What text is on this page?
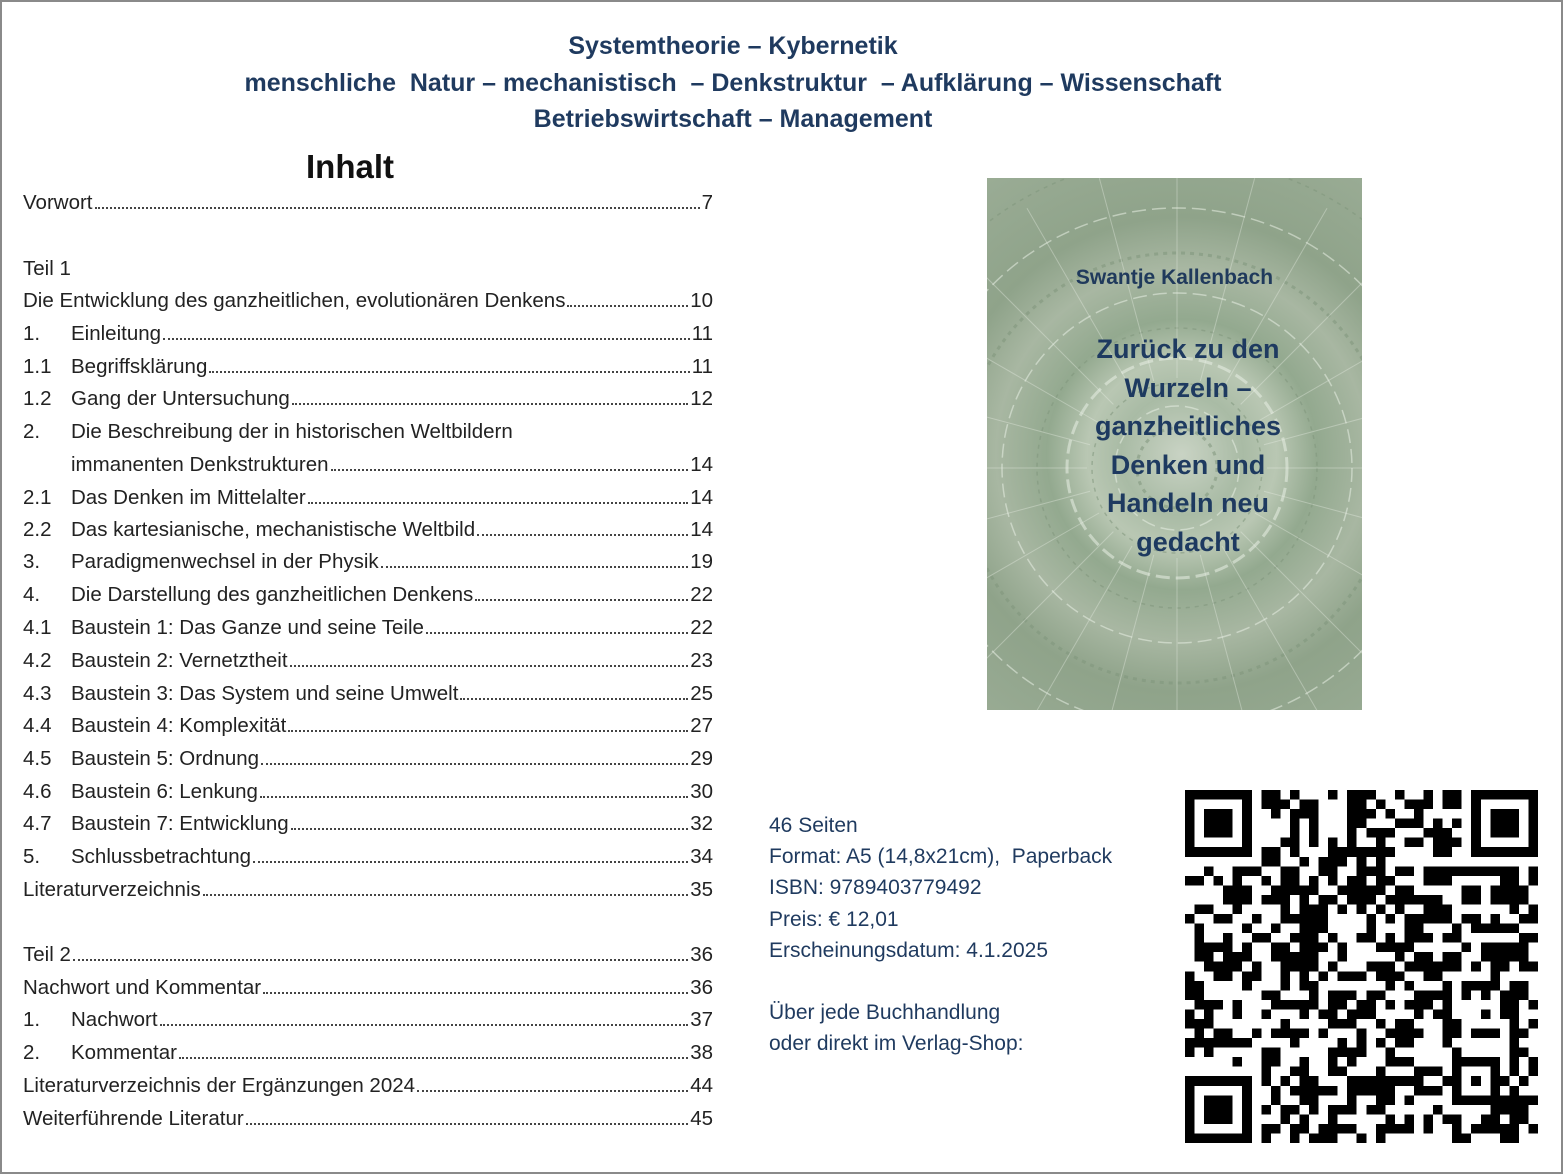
Systemtheorie – Kybernetik
menschliche  Natur – mechanistisch  – Denkstruktur  – Aufklärung – Wissenschaft
Betriebswirtschaft – Management
Inhalt
Vorwort	7
Teil 1
Die Entwicklung des ganzheitlichen, evolutionären Denkens	10
1.	Einleitung	11
1.1 Begriffsklärung	11
1.2 Gang der Untersuchung	12
2.	Die Beschreibung der in historischen Weltbildern
immanenten Denkstrukturen	14
2.1 Das Denken im Mittelalter	14
2.2 Das kartesianische, mechanistische Weltbild	14
3.	Paradigmenwechsel in der Physik	19
4.	Die Darstellung des ganzheitlichen Denkens	22
4.1 Baustein 1: Das Ganze und seine Teile	22
4.2 Baustein 2: Vernetztheit	23
4.3 Baustein 3: Das System und seine Umwelt	25
4.4 Baustein 4: Komplexität	27
4.5 Baustein 5: Ordnung	29
4.6 Baustein 6: Lenkung	30
4.7 Baustein 7: Entwicklung	32
5.	Schlussbetrachtung	34
Literaturverzeichnis	35
Teil 2	36
Nachwort und Kommentar	36
1.	Nachwort	37
2.	Kommentar	38
Literaturverzeichnis der Ergänzungen 2024	44
Weiterführende Literatur	45
Swantje Kallenbach
Zurück zu den
Wurzeln –
ganzheitliches
Denken und
Handeln neu
gedacht
46 Seiten
Format: A5 (14,8x21cm),  Paperback
ISBN: 9789403779492
Preis: € 12,01
Erscheinungsdatum: 4.1.2025
Über jede Buchhandlung
oder direkt im Verlag-Shop:
